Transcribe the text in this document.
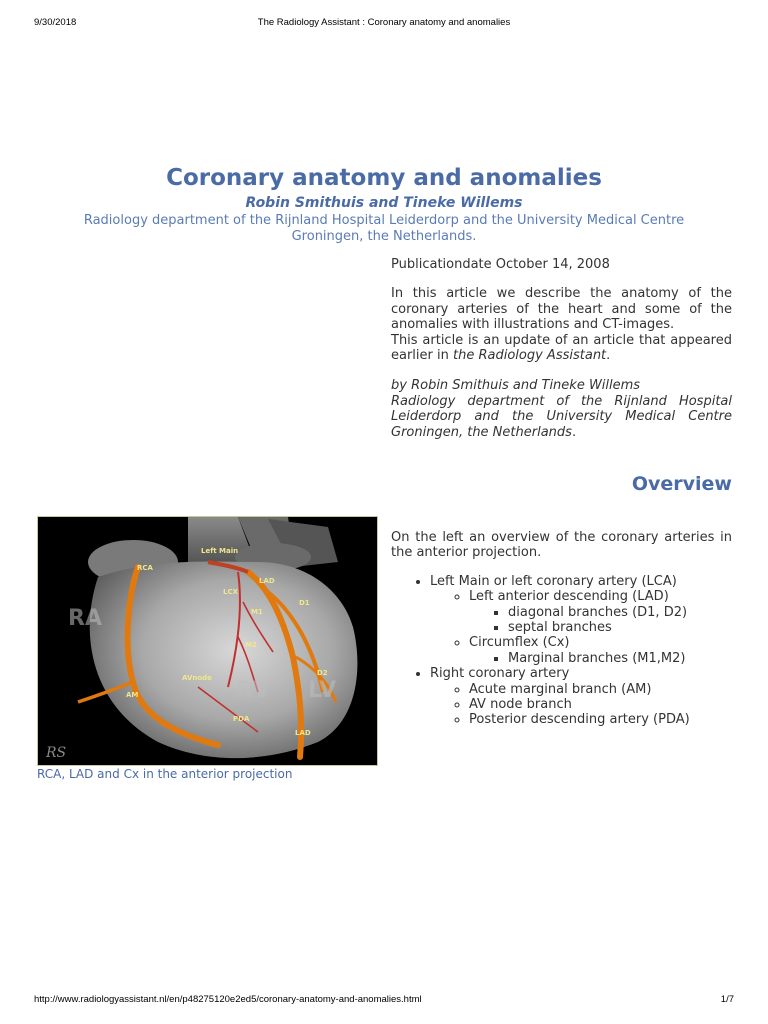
9/30/2018	The Radiology Assistant : Coronary anatomy and anomalies
Coronary anatomy and anomalies
Robin Smithuis and Tineke Willems
Radiology department of the Rijnland Hospital Leiderdorp and the University Medical Centre Groningen, the Netherlands.

Publicationdate October 14, 2008

In this article we describe the anatomy of the coronary arteries of the heart and some of the anomalies with illustrations and CT-images.

This article is an update of an article that appeared earlier in the Radiology Assistant.

by Robin Smithuis and Tineke Willems

Radiology department of the Rijnland Hospital Leiderdorp and the University Medical Centre Groningen, the Netherlands.

Overview
Left Main
RCA
LAD
LCX
D1
M1
M2
D2
AVnode
AM
PDA
LAD
RA
RV LV
RS
RCA, LAD and Cx in the anterior projection

On the left an overview of the coronary arteries in the anterior projection.

• Left Main or left coronary artery (LCA)
◦ Left anterior descending (LAD)
▪ diagonal branches (D1, D2)
▪ septal branches
◦ Circumflex (Cx)
▪ Marginal branches (M1,M2)
• Right coronary artery
◦ Acute marginal branch (AM)
◦ AV node branch
◦ Posterior descending artery (PDA)
http://www.radiologyassistant.nl/en/p48275120e2ed5/coronary-anatomy-and-anomalies.html	1/7
